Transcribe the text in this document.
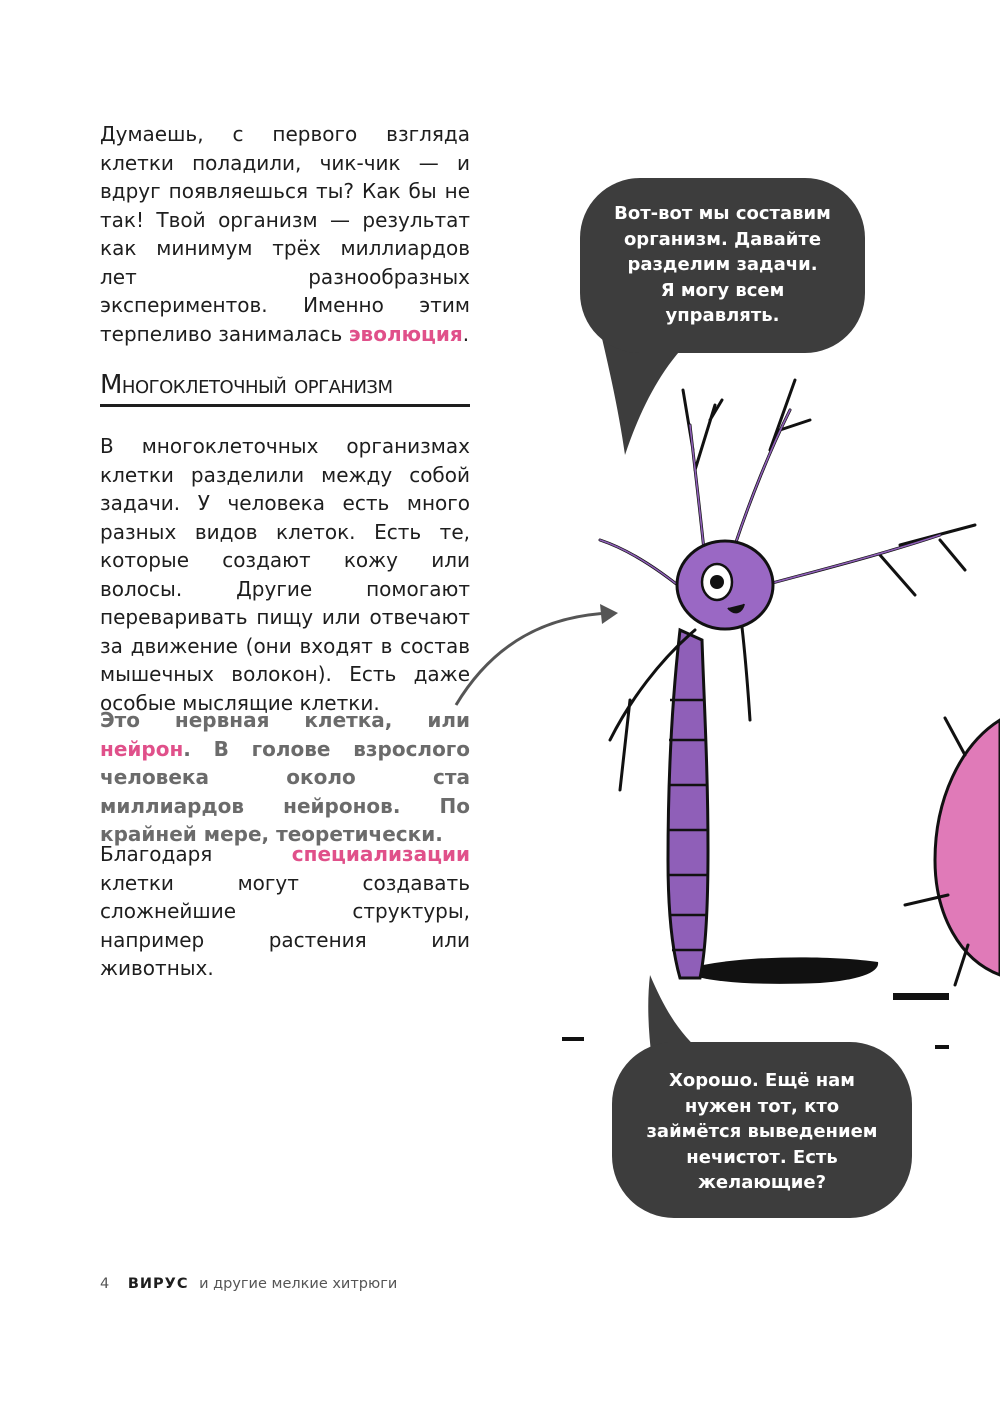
Думаешь, с первого взгляда клетки поладили, чик-чик — и вдруг появляешься ты? Как бы не так! Твой организм — результат как минимум трёх миллиардов лет разнообразных экспериментов. Именно этим терпеливо занималась эволюция.
Многоклеточный организм
В многоклеточных организмах клетки разделили между собой задачи. У человека есть много разных видов клеток. Есть те, которые создают кожу или волосы. Другие помогают переваривать пищу или отвечают за движение (они входят в состав мышечных волокон). Есть даже особые мыслящие клетки.
Это нервная клетка, или нейрон. В голове взрослого человека около ста миллиардов нейронов. По крайней мере, теоретически.
Благодаря специализации клетки могут создавать сложнейшие структуры, например растения или животных.
Вот-вот мы составим
организм. Давайте
разделим задачи.
Я могу всем
управлять.
Хорошо. Ещё нам
нужен тот, кто
займётся выведением
нечистот. Есть
желающие?
4 ВИРУС и другие мелкие хитрюги
